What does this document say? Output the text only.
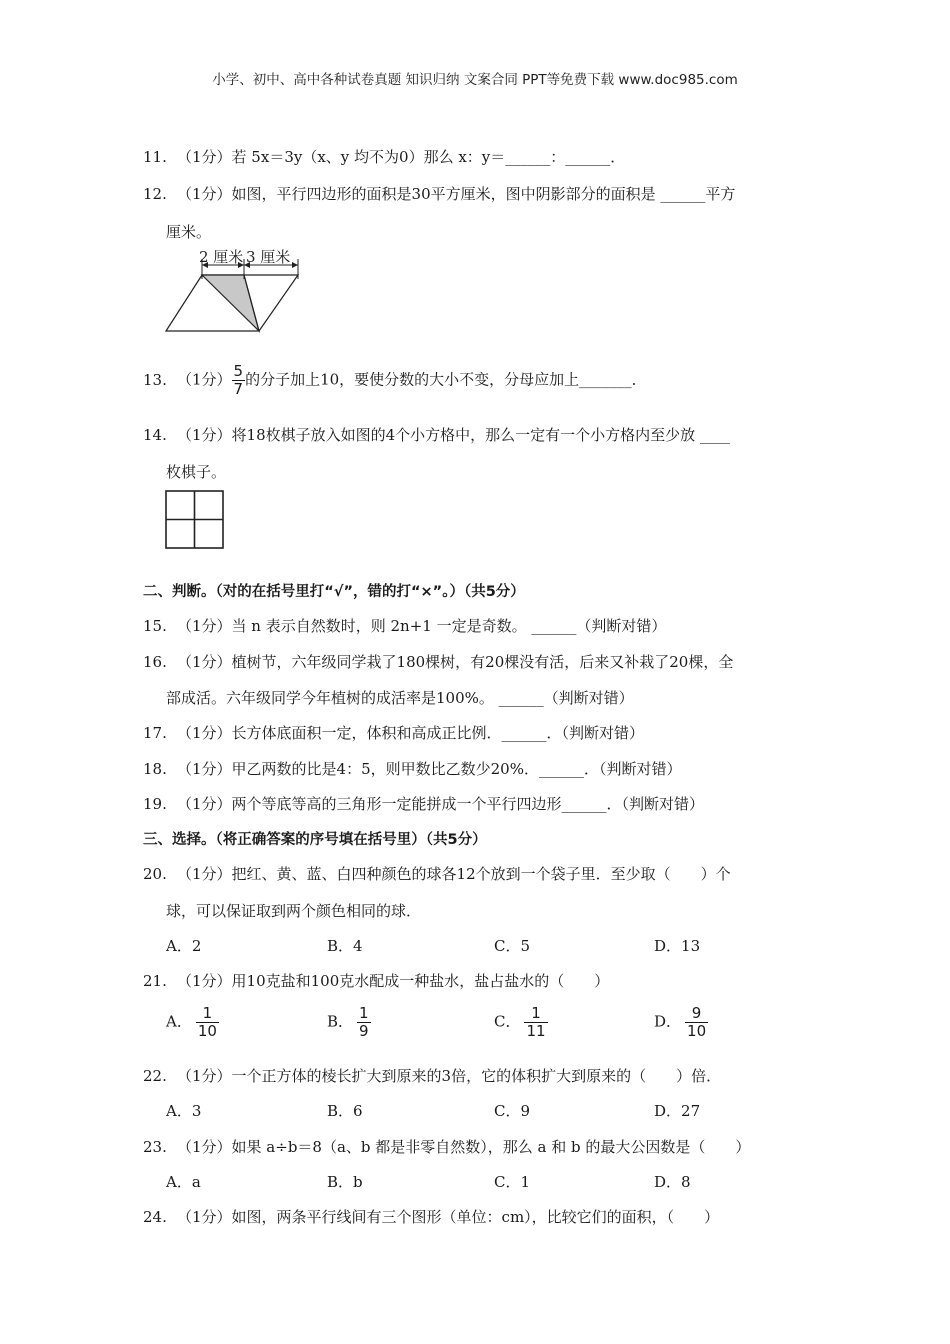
小学、初中、高中各种试卷真题 知识归纳 文案合同 PPT等免费下载 www.doc985.com
11. （1分）若 5x＝3y（x、y 均不为0）那么 x：y＝______：______．
12. （1分）如图，平行四边形的面积是30平方厘米，图中阴影部分的面积是 ______平方
厘米。
2 厘米 3 厘米
13. （1分） $\frac{5}{7}$ 的分子加上10，要使分数的大小不变，分母应加上_______．
14. （1分）将18枚棋子放入如图的4个小方格中，那么一定有一个小方格内至少放 ____
枚棋子。
二、判断。（对的在括号里打“√”，错的打“×”。）（共5分）
15. （1分）当 n 表示自然数时，则 2n+1 一定是奇数。 ______（判断对错）
16. （1分）植树节，六年级同学栽了180棵树，有20棵没有活，后来又补栽了20棵，全
部成活。六年级同学今年植树的成活率是100%。 ______（判断对错）
17. （1分）长方体底面积一定，体积和高成正比例．______．（判断对错）
18. （1分）甲乙两数的比是4：5，则甲数比乙数少20%．______．（判断对错）
19. （1分）两个等底等高的三角形一定能拼成一个平行四边形______．（判断对错）
三、选择。（将正确答案的序号填在括号里）（共5分）
20. （1分）把红、黄、蓝、白四种颜色的球各12个放到一个袋子里．至少取（　　）个
球，可以保证取到两个颜色相同的球．
A．2	B．4	C．5	D．13
21. （1分）用10克盐和100克水配成一种盐水，盐占盐水的（　　）
A． $\frac{1}{10}$	B． $\frac{1}{9}$	C． $\frac{1}{11}$	D． $\frac{9}{10}$
22. （1分）一个正方体的棱长扩大到原来的3倍，它的体积扩大到原来的（　　）倍．
A．3	B．6	C．9	D．27
23. （1分）如果 a÷b＝8（a、b 都是非零自然数），那么 a 和 b 的最大公因数是（　　）
A．a	B．b	C．1	D．8
24. （1分）如图，两条平行线间有三个图形（单位：cm），比较它们的面积，（　　）
